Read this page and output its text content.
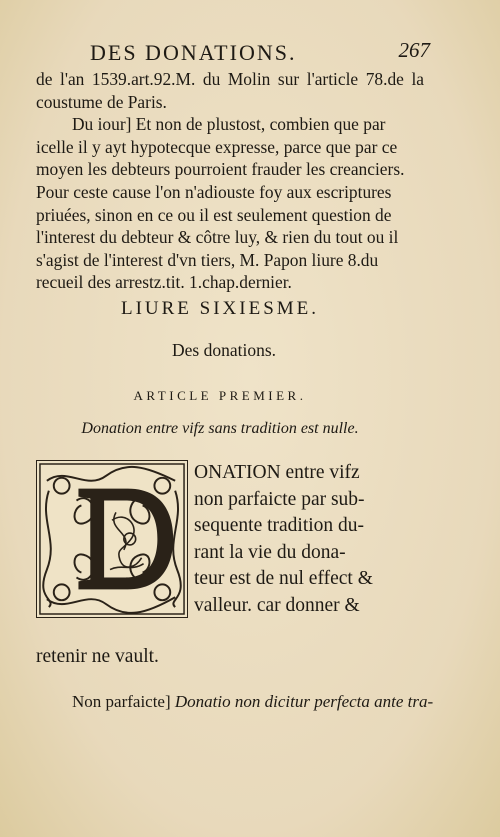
DES DONATIONS.	267

de l'an 1539.art.92.M. du Molin sur l'article 78.de la coustume de Paris.

Du iour] Et non de plustost, combien que par icelle il y ayt hypotecque expresse, parce que par ce moyen les debteurs pourroient frauder les creanciers. Pour ceste cause l'on n'adiouste foy aux escriptures priuées, sinon en ce ou il est seulement question de l'interest du debteur & côtre luy, & rien du tout ou il s'agist de l'interest d'vn tiers, M. Papon liure 8.du recueil des arrestz.tit. 1.chap.dernier.

LIURE SIXIESME.
Des donations.
ARTICLE PREMIER.
Donation entre vifz sans tradition est nulle.
ONATION entre vifz
non parfaicte par sub-
sequente tradition du-
rant la vie du dona-
teur est de nul effect &
valleur. car donner &
retenir ne vault.
Non parfaicte] Donatio non dicitur perfecta ante tra-
